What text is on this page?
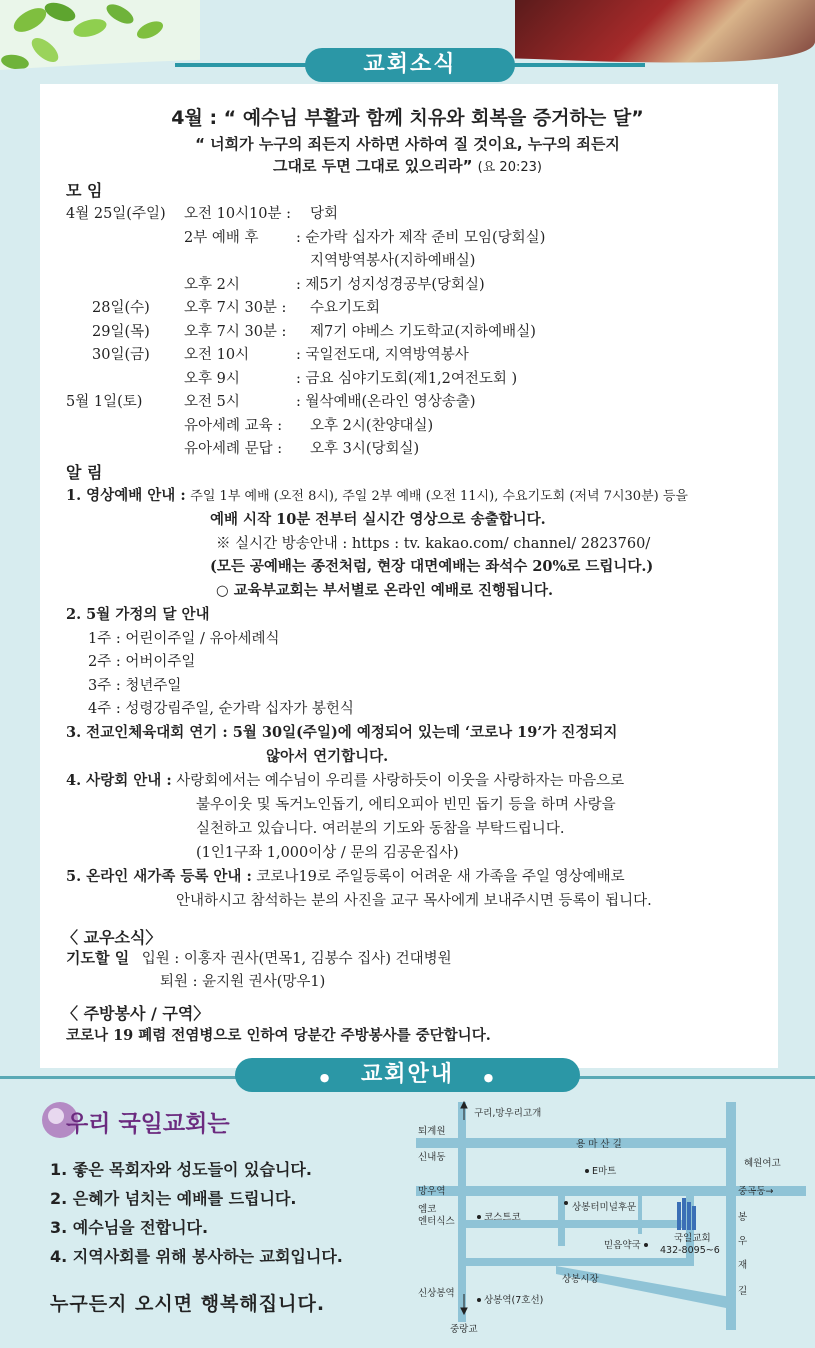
교회소식
4월 : “ 예수님 부활과 함께 치유와 회복을 증거하는 달”
“ 너희가 누구의 죄든지 사하면 사하여 질 것이요, 누구의 죄든지
그대로 두면 그대로 있으리라” (요 20:23)
모 임
4월 25일(주일) 오전 10시10분 : 당회
2부 예배 후	: 순가락 십자가 제작 준비 모임(당회실)
지역방역봉사(지하예배실)
오후 2시	: 제5기 성지성경공부(당회실)
28일(수) 오후 7시 30분 : 수요기도회
29일(목) 오후 7시 30분 : 제7기 야베스 기도학교(지하예배실)
30일(금) 오전 10시	: 국일전도대, 지역방역봉사
오후 9시	: 금요 심야기도회(제1,2여전도회 )
5월 1일(토)	오전 5시	: 월삭예배(온라인 영상송출)
유아세례 교육 : 오후 2시(찬양대실)
유아세례 문답 : 오후 3시(당회실)
알 림
1. 영상예배 안내 : 주일 1부 예배 (오전 8시), 주일 2부 예배 (오전 11시), 수요기도회 (저녁 7시30분) 등을
예배 시작 10분 전부터 실시간 영상으로 송출합니다.
※ 실시간 방송안내 : https : tv. kakao.com/ channel/ 2823760/
(모든 공예배는 종전처럼, 현장 대면예배는 좌석수 20%로 드립니다.)
○ 교육부교회는 부서별로 온라인 예배로 진행됩니다.
2. 5월 가정의 달 안내
1주 : 어린이주일 / 유아세례식
2주 : 어버이주일
3주 : 청년주일
4주 : 성령강림주일, 순가락 십자가 봉헌식
3. 전교인체육대회 연기 : 5월 30일(주일)에 예정되어 있는데 ‘코로나 19’가 진정되지
않아서 연기합니다.
4. 사랑회 안내 : 사랑회에서는 예수님이 우리를 사랑하듯이 이웃을 사랑하자는 마음으로
불우이웃 및 독거노인돕기, 에티오피아 빈민 돕기 등을 하며 사랑을
실천하고 있습니다. 여러분의 기도와 동참을 부탁드립니다.
(1인1구좌 1,000이상 / 문의 김공운집사)
5. 온라인 새가족 등록 안내 : 코로나19로 주일등록이 어려운 새 가족을 주일 영상예배로
안내하시고 참석하는 분의 사진을 교구 목사에게 보내주시면 등록이 됩니다.
〈 교우소식〉
기도할 일 입원 : 이홍자 권사(면목1, 김봉수 집사) 건대병원
퇴원 : 윤지원 권사(망우1)
〈 주방봉사 / 구역〉
코로나 19 폐렴 전염병으로 인하여 당분간 주방봉사를 중단합니다.
● 교회안내	●
우리 국일교회는
1. 좋은 목회자와 성도들이 있습니다.
2. 은혜가 넘치는 예배를 드립니다.
3. 예수님을 전합니다.
4. 지역사회를 위해 봉사하는 교회입니다.
누구든지 오시면 행복해집니다.
구리,망우리고개
퇴계원
용 마 산 길
신내동
E마트
혜원여고
망우역	중곡동→
엠코
엔터식스	코스트코
상봉터미널후문
봉
우
재
길
믿음약국
국일교회
432-8095~6
상봉시장
신상봉역
상봉역(7호선)
중랑교
